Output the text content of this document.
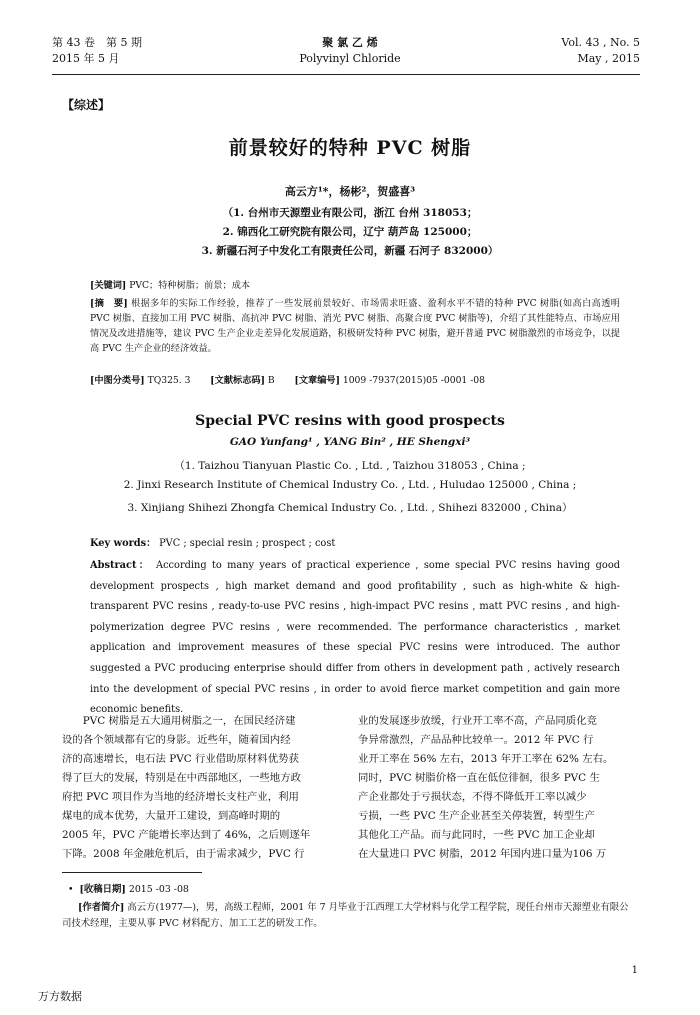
第 43 卷　第 5 期
2015 年 5 月
聚 氯 乙 烯
Polyvinyl Chloride
Vol. 43 , No. 5
May , 2015
【综述】
前景较好的特种 PVC 树脂
高云方¹*，杨彬²，贺盛喜³
（1. 台州市天源塑业有限公司，浙江 台州 318053；
2. 锦西化工研究院有限公司，辽宁 葫芦岛 125000；
3. 新疆石河子中发化工有限责任公司，新疆 石河子 832000）
[关键词] PVC；特种树脂；前景；成本
[摘　要] 根据多年的实际工作经验，推荐了一些发展前景较好、市场需求旺盛、盈利水平不错的特种 PVC 树脂(如高白高透明 PVC 树脂、直接加工用 PVC 树脂、高抗冲 PVC 树脂、消光 PVC 树脂、高聚合度 PVC 树脂等)，介绍了其性能特点、市场应用情况及改进措施等，建议 PVC 生产企业走差异化发展道路，积极研发特种 PVC 树脂，避开普通 PVC 树脂激烈的市场竞争，以提高 PVC 生产企业的经济效益。
[中图分类号] TQ325. 3 [文献标志码] B [文章编号] 1009 -7937(2015)05 -0001 -08
Special PVC resins with good prospects
GAO Yunfang¹ , YANG Bin² , HE Shengxi³
（1. Taizhou Tianyuan Plastic Co. , Ltd. , Taizhou 318053 , China ;
2. Jinxi Research Institute of Chemical Industry Co. , Ltd. , Huludao 125000 , China ;
3. Xinjiang Shihezi Zhongfa Chemical Industry Co. , Ltd. , Shihezi 832000 , China）
Key words： PVC ; special resin ; prospect ; cost
Abstract： According to many years of practical experience , some special PVC resins having good development prospects , high market demand and good profitability , such as high-white & high-transparent PVC resins , ready-to-use PVC resins , high-impact PVC resins , matt PVC resins , and high-polymerization degree PVC resins , were recommended. The performance characteristics , market application and improvement measures of these special PVC resins were introduced. The author suggested a PVC producing enterprise should differ from others in development path , actively research into the development of special PVC resins , in order to avoid fierce market competition and gain more economic benefits.
PVC 树脂是五大通用树脂之一，在国民经济建
设的各个领域都有它的身影。近些年，随着国内经
济的高速增长，电石法 PVC 行业借助原材料优势获
得了巨大的发展，特别是在中西部地区，一些地方政
府把 PVC 项目作为当地的经济增长支柱产业，利用
煤电的成本优势，大量开工建设，到高峰时期的
2005 年，PVC 产能增长率达到了 46%，之后则逐年
下降。2008 年金融危机后，由于需求减少，PVC 行
业的发展逐步放缓，行业开工率不高，产品同质化竞
争异常激烈，产品品种比较单一。2012 年 PVC 行
业开工率在 56% 左右，2013 年开工率在 62% 左右。
同时，PVC 树脂价格一直在低位徘徊，很多 PVC 生
产企业都处于亏损状态，不得不降低开工率以减少
亏损，一些 PVC 生产企业甚至关停装置，转型生产
其他化工产品。而与此同时，一些 PVC 加工企业却
在大量进口 PVC 树脂，2012 年国内进口量为106 万
•  [收稿日期] 2015 -03 -08
[作者简介] 高云方(1977—)，男，高级工程师，2001 年 7 月毕业于江西理工大学材料与化学工程学院，现任台州市天源塑业有限公司技术经理，主要从事 PVC 材料配方、加工工艺的研发工作。
1
万方数据
